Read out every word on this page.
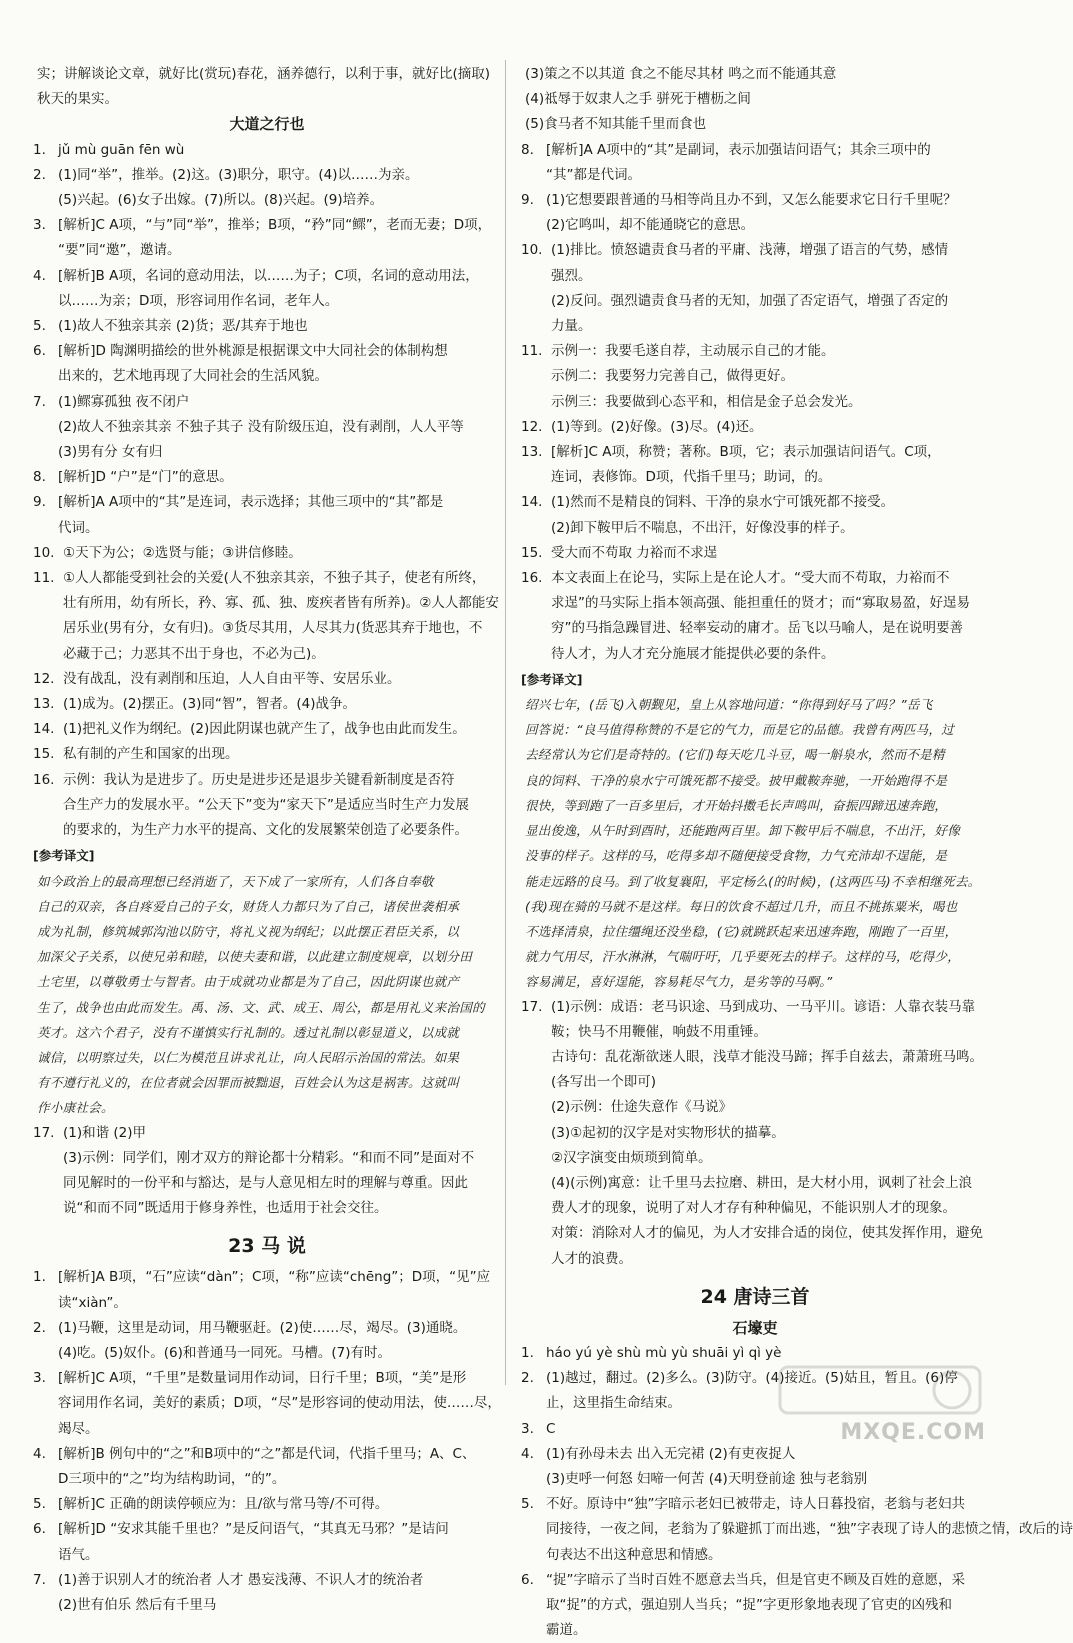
实；讲解谈论文章，就好比(赏玩)春花，涵养德行，以利于事，就好比(摘取)
秋天的果实。
大道之行也
1. jǔ mù guān fēn wù
2. (1)同“举”，推举。(2)这。(3)职分，职守。(4)以……为亲。
(5)兴起。(6)女子出嫁。(7)所以。(8)兴起。(9)培养。
3. [解析]C A项，“与”同“举”，推举；B项，“矜”同“鳏”，老而无妻；D项，
“要”同“邀”，邀请。
4. [解析]B A项，名词的意动用法，以……为子；C项，名词的意动用法，
以……为亲；D项，形容词用作名词，老年人。
5. (1)故人不独亲其亲 (2)货；恶/其弃于地也
6. [解析]D 陶渊明描绘的世外桃源是根据课文中大同社会的体制构想
出来的，艺术地再现了大同社会的生活风貌。
7. (1)鳏寡孤独 夜不闭户
(2)故人不独亲其亲 不独子其子 没有阶级压迫，没有剥削，人人平等
(3)男有分 女有归
8. [解析]D “户”是“门”的意思。
9. [解析]A A项中的“其”是连词，表示选择；其他三项中的“其”都是
代词。
10. ①天下为公；②选贤与能；③讲信修睦。
11. ①人人都能受到社会的关爱(人不独亲其亲，不独子其子，使老有所终，
壮有所用，幼有所长，矜、寡、孤、独、废疾者皆有所养)。②人人都能安
居乐业(男有分，女有归)。③货尽其用，人尽其力(货恶其弃于地也，不
必藏于己；力恶其不出于身也，不必为己)。
12. 没有战乱，没有剥削和压迫，人人自由平等、安居乐业。
13. (1)成为。(2)摆正。(3)同“智”，智者。(4)战争。
14. (1)把礼义作为纲纪。(2)因此阴谋也就产生了，战争也由此而发生。
15. 私有制的产生和国家的出现。
16. 示例：我认为是进步了。历史是进步还是退步关键看新制度是否符
合生产力的发展水平。“公天下”变为“家天下”是适应当时生产力发展
的要求的，为生产力水平的提高、文化的发展繁荣创造了必要条件。
[参考译文]
如今政治上的最高理想已经消逝了，天下成了一家所有，人们各自奉敬
自己的双亲，各自疼爱自己的子女，财货人力都只为了自己，诸侯世袭相承
成为礼制，修筑城郭沟池以防守，将礼义视为纲纪；以此摆正君臣关系，以
加深父子关系，以使兄弟和睦，以使夫妻和谐，以此建立制度规章，以划分田
土宅里，以尊敬勇士与智者。由于成就功业都是为了自己，因此阴谋也就产
生了，战争也由此而发生。禹、汤、文、武、成王、周公，都是用礼义来治国的
英才。这六个君子，没有不谨慎实行礼制的。透过礼制以彰显道义，以成就
诚信，以明察过失，以仁为模范且讲求礼让，向人民昭示治国的常法。如果
有不遵行礼义的，在位者就会因罪而被黜退，百姓会认为这是祸害。这就叫
作小康社会。
17. (1)和谐 (2)甲
(3)示例：同学们，刚才双方的辩论都十分精彩。“和而不同”是面对不
同见解时的一份平和与豁达，是与人意见相左时的理解与尊重。因此
说“和而不同”既适用于修身养性，也适用于社会交往。
23 马 说
1. [解析]A B项，“石”应读“dàn”；C项，“称”应读“chēng”；D项，“见”应
读“xiàn”。
2. (1)马鞭，这里是动词，用马鞭驱赶。(2)使……尽，竭尽。(3)通晓。
(4)吃。(5)奴仆。(6)和普通马一同死。马槽。(7)有时。
3. [解析]C A项，“千里”是数量词用作动词，日行千里；B项，“美”是形
容词用作名词，美好的素质；D项，“尽”是形容词的使动用法，使……尽，
竭尽。
4. [解析]B 例句中的“之”和B项中的“之”都是代词，代指千里马；A、C、
D三项中的“之”均为结构助词，“的”。
5. [解析]C 正确的朗读停顿应为：且/欲与常马等/不可得。
6. [解析]D “安求其能千里也？”是反问语气，“其真无马邪？”是诘问
语气。
7. (1)善于识别人才的统治者 人才 愚妄浅薄、不识人才的统治者
(2)世有伯乐 然后有千里马
(3)策之不以其道 食之不能尽其材 鸣之而不能通其意
(4)祗辱于奴隶人之手 骈死于槽枥之间
(5)食马者不知其能千里而食也
8. [解析]A A项中的“其”是副词，表示加强诘问语气；其余三项中的
“其”都是代词。
9. (1)它想要跟普通的马相等尚且办不到，又怎么能要求它日行千里呢？
(2)它鸣叫，却不能通晓它的意思。
10. (1)排比。愤怒谴责食马者的平庸、浅薄，增强了语言的气势，感情
强烈。
(2)反问。强烈谴责食马者的无知，加强了否定语气，增强了否定的
力量。
11. 示例一：我要毛遂自荐，主动展示自己的才能。
示例二：我要努力完善自己，做得更好。
示例三：我要做到心态平和，相信是金子总会发光。
12. (1)等到。(2)好像。(3)尽。(4)还。
13. [解析]C A项，称赞；著称。B项，它；表示加强诘问语气。C项，
连词，表修饰。D项，代指千里马；助词，的。
14. (1)然而不是精良的饲料、干净的泉水宁可饿死都不接受。
(2)卸下鞍甲后不喘息，不出汗，好像没事的样子。
15. 受大而不苟取 力裕而不求逞
16. 本文表面上在论马，实际上是在论人才。“受大而不苟取，力裕而不
求逞”的马实际上指本领高强、能担重任的贤才；而“寡取易盈，好逞易
穷”的马指急躁冒进、轻率妄动的庸才。岳飞以马喻人，是在说明要善
待人才，为人才充分施展才能提供必要的条件。
[参考译文]
绍兴七年，(岳飞)入朝觐见，皇上从容地问道：“你得到好马了吗？”岳飞
回答说：“良马值得称赞的不是它的气力，而是它的品德。我曾有两匹马，过
去经常认为它们是奇特的。(它们)每天吃几斗豆，喝一斛泉水，然而不是精
良的饲料、干净的泉水宁可饿死都不接受。披甲戴鞍奔驰，一开始跑得不是
很快，等到跑了一百多里后，才开始抖擞毛长声鸣叫，奋振四蹄迅速奔跑，
显出俊逸，从午时到酉时，还能跑两百里。卸下鞍甲后不喘息，不出汗，好像
没事的样子。这样的马，吃得多却不随便接受食物，力气充沛却不逞能，是
能走远路的良马。到了收复襄阳，平定杨么(的时候)，(这两匹马)不幸相继死去。
(我)现在骑的马就不是这样。每日的饮食不超过几升，而且不挑拣粟米，喝也
不选择清泉，拉住缰绳还没坐稳，(它)就跳跃起来迅速奔跑，刚跑了一百里，
就力气用尽，汗水淋淋，气喘吁吁，几乎要死去的样子。这样的马，吃得少，
容易满足，喜好逞能，容易耗尽气力，是劣等的马啊。”
17. (1)示例：成语：老马识途、马到成功、一马平川。谚语：人靠衣装马靠
鞍；快马不用鞭催，响鼓不用重锤。
古诗句：乱花渐欲迷人眼，浅草才能没马蹄；挥手自兹去，萧萧班马鸣。
(各写出一个即可)
(2)示例：仕途失意作《马说》
(3)①起初的汉字是对实物形状的描摹。
②汉字演变由烦琐到简单。
(4)(示例)寓意：让千里马去拉磨、耕田，是大材小用，讽刺了社会上浪
费人才的现象，说明了对人才存有种种偏见，不能识别人才的现象。
对策：消除对人才的偏见，为人才安排合适的岗位，使其发挥作用，避免
人才的浪费。
24 唐诗三首
石壕吏
1. háo yú yè shù mù yù shuāi yì qì yè
2. (1)越过，翻过。(2)多么。(3)防守。(4)接近。(5)姑且，暂且。(6)停
止，这里指生命结束。
3. C
4. (1)有孙母未去 出入无完裙 (2)有吏夜捉人
(3)吏呼一何怒 妇啼一何苦 (4)天明登前途 独与老翁别
5. 不好。原诗中“独”字暗示老妇已被带走，诗人日暮投宿，老翁与老妇共
同接待，一夜之间，老翁为了躲避抓丁而出逃，“独”字表现了诗人的悲愤之情，改后的诗
句表达不出这种意思和情感。
6. “捉”字暗示了当时百姓不愿意去当兵，但是官吏不顾及百姓的意愿，采
取“捉”的方式，强迫别人当兵；“捉”字更形象地表现了官吏的凶残和
霸道。
MXQE.COM
